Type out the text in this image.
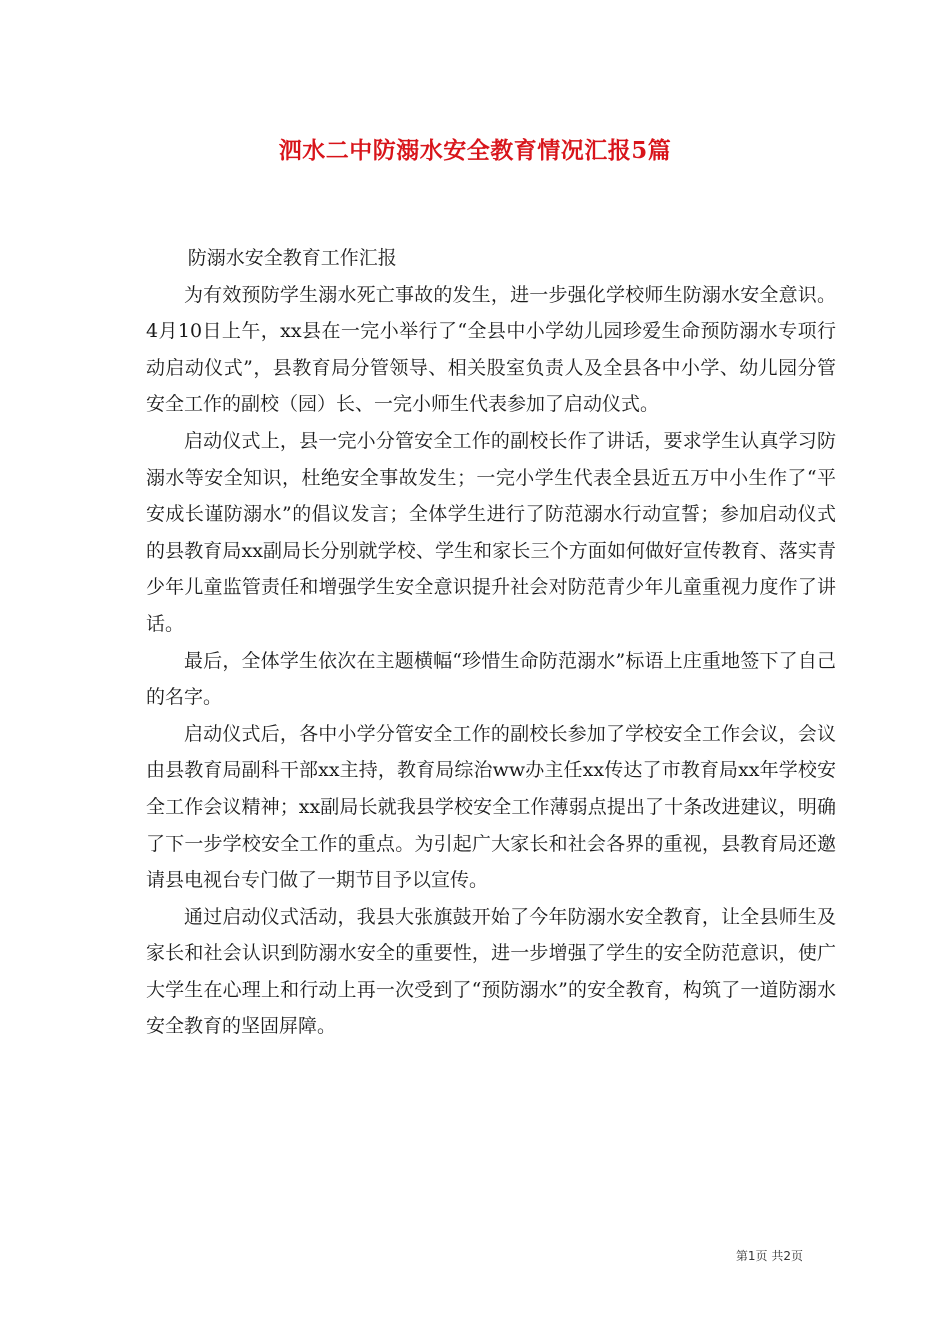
泗水二中防溺水安全教育情况汇报5篇

防溺水安全教育工作汇报

为有效预防学生溺水死亡事故的发生，进一步强化学校师生防溺水安全意识。4月10日上午，xx县在一完小举行了“全县中小学幼儿园珍爱生命预防溺水专项行动启动仪式”，县教育局分管领导、相关股室负责人及全县各中小学、幼儿园分管安全工作的副校（园）长、一完小师生代表参加了启动仪式。

启动仪式上，县一完小分管安全工作的副校长作了讲话，要求学生认真学习防溺水等安全知识，杜绝安全事故发生；一完小学生代表全县近五万中小生作了“平安成长谨防溺水”的倡议发言；全体学生进行了防范溺水行动宣誓；参加启动仪式的县教育局xx副局长分别就学校、学生和家长三个方面如何做好宣传教育、落实青少年儿童监管责任和增强学生安全意识提升社会对防范青少年儿童重视力度作了讲话。

最后，全体学生依次在主题横幅“珍惜生命防范溺水”标语上庄重地签下了自己的名字。

启动仪式后，各中小学分管安全工作的副校长参加了学校安全工作会议，会议由县教育局副科干部xx主持，教育局综治ww办主任xx传达了市教育局xx年学校安全工作会议精神；xx副局长就我县学校安全工作薄弱点提出了十条改进建议，明确了下一步学校安全工作的重点。为引起广大家长和社会各界的重视，县教育局还邀请县电视台专门做了一期节目予以宣传。

通过启动仪式活动，我县大张旗鼓开始了今年防溺水安全教育，让全县师生及家长和社会认识到防溺水安全的重要性，进一步增强了学生的安全防范意识，使广大学生在心理上和行动上再一次受到了“预防溺水”的安全教育，构筑了一道防溺水安全教育的坚固屏障。

第1页 共2页
